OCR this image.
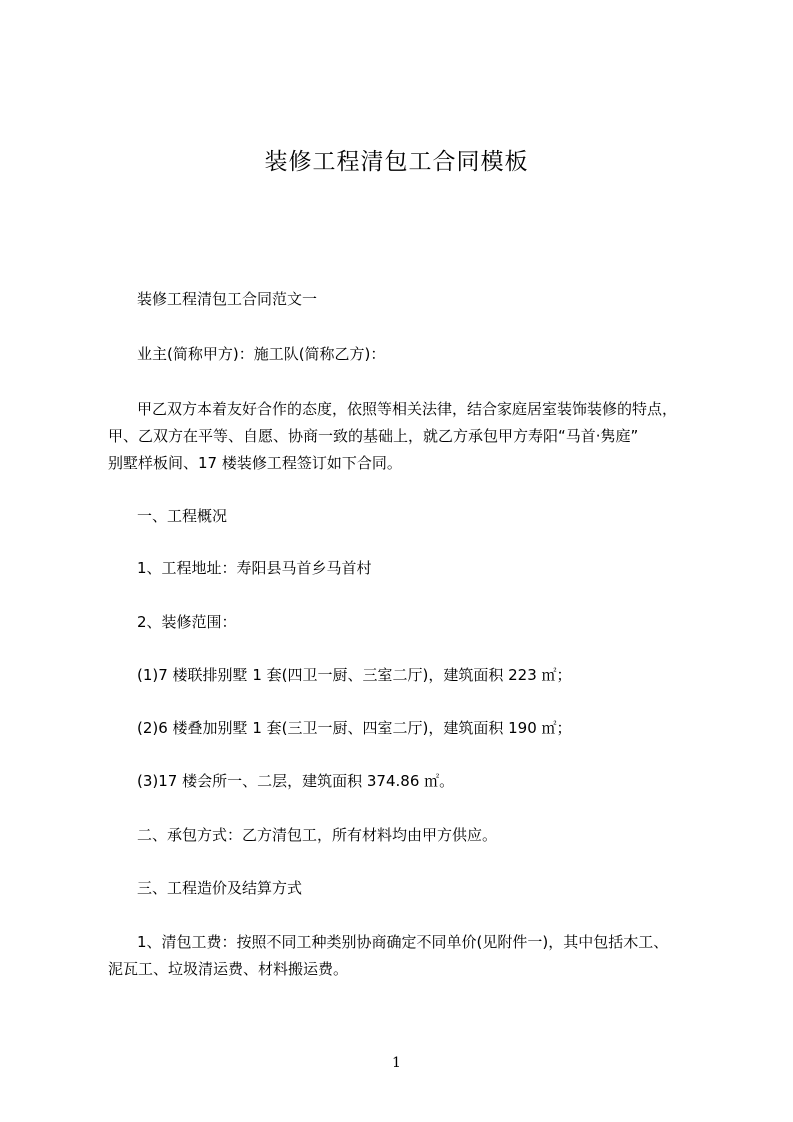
装修工程清包工合同模板

装修工程清包工合同范文一

业主(简称甲方)：施工队(简称乙方)：

甲乙双方本着友好合作的态度，依照等相关法律，结合家庭居室装饰装修的特点，

甲、乙双方在平等、自愿、协商一致的基础上，就乙方承包甲方寿阳“马首·隽庭”

别墅样板间、17 楼装修工程签订如下合同。

一、工程概况

1、工程地址：寿阳县马首乡马首村

2、装修范围：

(1)7 楼联排别墅 1 套(四卫一厨、三室二厅)，建筑面积 223 ㎡；

(2)6 楼叠加别墅 1 套(三卫一厨、四室二厅)，建筑面积 190 ㎡；

(3)17 楼会所一、二层，建筑面积 374.86 ㎡。

二、承包方式：乙方清包工，所有材料均由甲方供应。

三、工程造价及结算方式

1、清包工费：按照不同工种类别协商确定不同单价(见附件一)，其中包括木工、

泥瓦工、垃圾清运费、材料搬运费。

1
